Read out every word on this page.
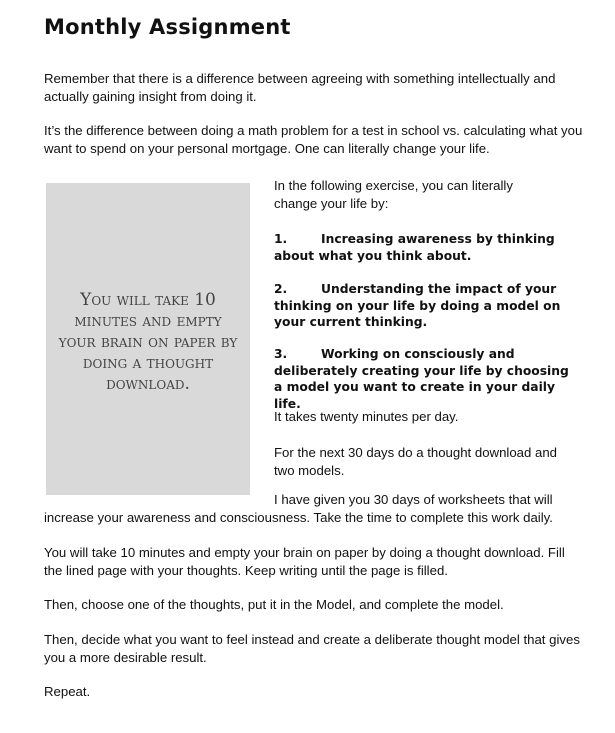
Monthly Assignment

Remember that there is a difference between agreeing with something intellectually and actually gaining insight from doing it.

It’s the difference between doing a math problem for a test in school vs. calculating what you want to spend on your personal mortgage. One can literally change your life.

You will take 10 minutes and empty your brain on paper by doing a thought download.

In the following exercise, you can literally change your life by:

1.	Increasing awareness by thinking about what you think about.
2.	Understanding the impact of your thinking on your life by doing a model on your current thinking.
3.	Working on consciously and deliberately creating your life by choosing a model you want to create in your daily life.

It takes twenty minutes per day.

For the next 30 days do a thought download and two models.

I have given you 30 days of worksheets that will

increase your awareness and consciousness. Take the time to complete this work daily.

You will take 10 minutes and empty your brain on paper by doing a thought download. Fill the lined page with your thoughts. Keep writing until the page is filled.

Then, choose one of the thoughts, put it in the Model, and complete the model.

Then, decide what you want to feel instead and create a deliberate thought model that gives you a more desirable result.

Repeat.
